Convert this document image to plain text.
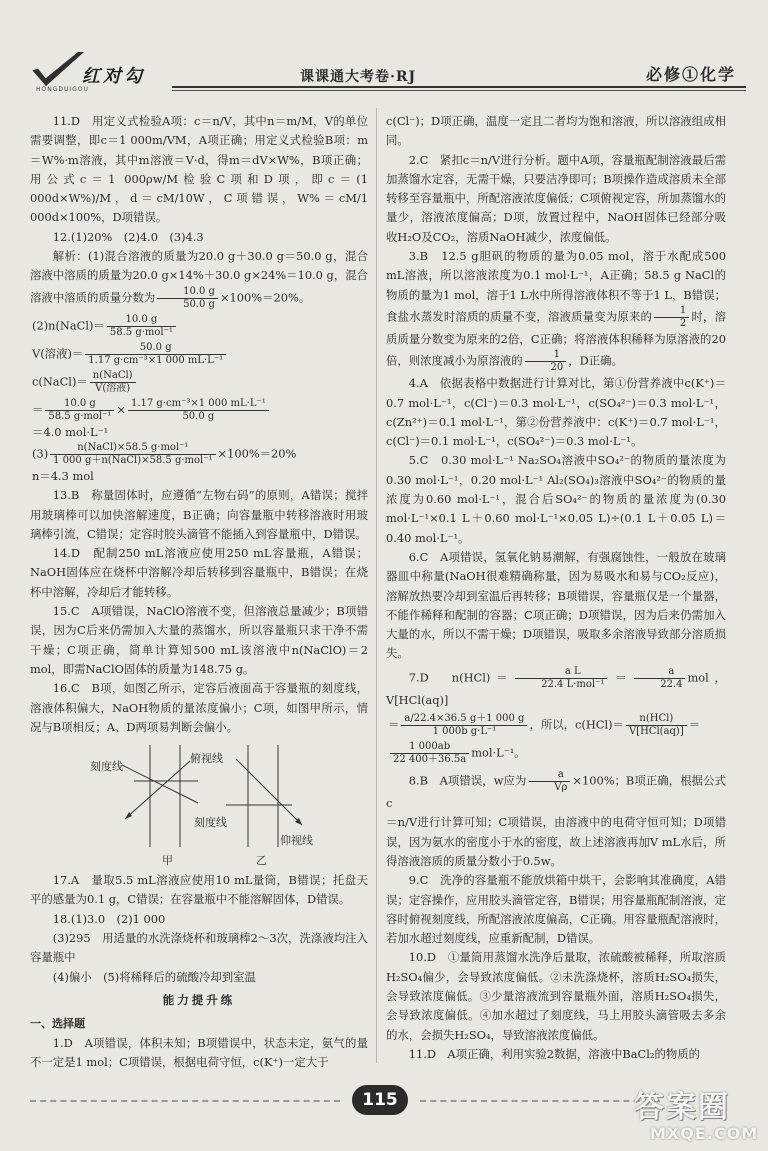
红对勾
HONGDUIGOU
课课通大考卷·RJ	必修①化学

11.D　用定义式检验A项：c＝n/V，其中n＝m/M，V的单位需要调整，即c＝1 000m/VM，A项正确；用定义式检验B项：m＝W%·m溶液，其中m溶液＝V·d，得m＝dV×W%，B项正确；用公式c＝1 000ρw/M检验C项和D项，即c＝(1 000d×W%)/M，d＝cM/10W，C项错误，W%＝cM/1 000d×100%，D项错误。

12.(1)20%　(2)4.0　(3)4.3

解析：(1)混合溶液的质量为20.0 g＋30.0 g＝50.0 g，混合溶液中溶质的质量为20.0 g×14%＋30.0 g×24%＝10.0 g，混合溶液中溶质的质量分数为 $\frac{10.0 g}{50.0 g} \times 100\%=20\%$。

(2)n(NaCl)＝ $\frac{10.0 g}{\text{58.5 g·mol⁻¹}}$

V(溶液)＝ $\frac{50.0 g}{\text{1.17 g·cm⁻³×1 000 mL·L⁻¹}}$

c(NaCl)＝ $\frac{\text{n(NaCl)}}{\text{V(溶液)}}$

＝ $\frac{10.0 g}{\text{58.5 g·mol⁻¹}} \times \frac{\text{1.17 g·cm⁻³×1 000 mL·L⁻¹}}{50.0 g}$

＝4.0 mol·L⁻¹

$(3) \frac{\text{n(NaCl)×58.5 g·mol⁻¹}}{\text{1 000 g＋n(NaCl)×58.5 g·mol⁻¹}} \times 100\%=20\%$

n＝4.3 mol

13.B　称量固体时，应遵循“左物右码”的原则，A错误；搅拌用玻璃棒可以加快溶解速度，B正确；向容量瓶中转移溶液时用玻璃棒引流，C错误；定容时胶头滴管不能插入到容量瓶中，D错误。

14.D　配制250 mL溶液应使用250 mL容量瓶，A错误；NaOH固体应在烧杯中溶解冷却后转移到容量瓶中，B错误；在烧杯中溶解，冷却后才能转移。

15.C　A项错误，NaClO溶液不变，但溶液总量减少；B项错误，因为C后来仍需加入大量的蒸馏水，所以容量瓶只求干净不需干燥；C项正确，简单计算知500 mL该溶液中n(NaClO)＝2 mol，即需NaClO固体的质量为148.75 g。

16.C　B项，如图乙所示，定容后液面高于容量瓶的刻度线，溶液体积偏大，NaOH物质的量浓度偏小；C项，如图甲所示，情况与B项相反；A、D两项易判断会偏小。

刻度线
俯视线
刻度线
仰视线
甲	乙

17.A　量取5.5 mL溶液应使用10 mL量筒，B错误；托盘天平的感量为0.1 g，C错误；在容量瓶中不能溶解固体，D错误。

18.(1)3.0　(2)1 000

(3)295　用适量的水洗涤烧杯和玻璃棒2～3次，洗涤液均注入容量瓶中

(4)偏小　(5)将稀释后的硫酸冷却到室温

能力提升练

一、选择题

1.D　A项错误，体积未知；B项错误中，状态未定，氨气的量不一定是1 mol；C项错误，根据电荷守恒，c(K⁺)一定大于

c(Cl⁻)；D项正确，温度一定且二者均为饱和溶液，所以溶液组成相同。

2.C　紧扣c＝n/V进行分析。题中A项，容量瓶配制溶液最后需加蒸馏水定容，无需干燥，只要洁净即可；B项操作造成溶质未全部转移至容量瓶中，所配溶液浓度偏低；C项俯视定容，所加蒸馏水的量少，溶液浓度偏高；D项，放置过程中，NaOH固体已经部分吸收H₂O及CO₂，溶质NaOH减少，浓度偏低。

3.B　12.5 g胆矾的物质的量为0.05 mol，溶于水配成500 mL溶液，所以溶液浓度为0.1 mol·L⁻¹，A正确；58.5 g NaCl的物质的量为1 mol，溶于1 L水中所得溶液体积不等于1 L，B错误；食盐水蒸发时溶质的质量不变，溶液质量变为原来的 $\frac{1}{2}$ 时，溶质质量分数变为原来的2倍，C正确；将溶液体积稀释为原溶液的20倍，则浓度减小为原溶液的 $\frac{1}{20}$ ，D正确。

4.A　依据表格中数据进行计算对比，第①份营养液中c(K⁺)＝0.7 mol·L⁻¹，c(Cl⁻)＝0.3 mol·L⁻¹，c(SO₄²⁻)＝0.3 mol·L⁻¹，c(Zn²⁺)＝0.1 mol·L⁻¹，第②份营养液中：c(K⁺)＝0.7 mol·L⁻¹，c(Cl⁻)＝0.1 mol·L⁻¹，c(SO₄²⁻)＝0.3 mol·L⁻¹。

5.C　0.30 mol·L⁻¹ Na₂SO₄溶液中SO₄²⁻的物质的量浓度为0.30 mol·L⁻¹，0.20 mol·L⁻¹ Al₂(SO₄)₃溶液中SO₄²⁻的物质的量浓度为0.60 mol·L⁻¹，混合后SO₄²⁻的物质的量浓度为(0.30 mol·L⁻¹×0.1 L＋0.60 mol·L⁻¹×0.05 L)÷(0.1 L＋0.05 L)＝0.40 mol·L⁻¹。

6.C　A项错误，氢氧化钠易潮解，有强腐蚀性，一般放在玻璃器皿中称量(NaOH很难精确称量，因为易吸水和易与CO₂反应)，溶解放热要冷却到室温后再转移；B项错误，容量瓶仅是一个量器，不能作稀释和配制的容器；C项正确；D项错误，因为后来仍需加入大量的水，所以不需干燥；D项错误，吸取多余溶液导致部分溶质损失。

7.D　$n(HCl)= \frac{\text{a L}}{\text{22.4 L·mol⁻¹}} = \frac{a}{22.4}$ mol，V[HCl(aq)]

＝ $\frac{a/22.4\times 36.5 g+1 000 g}{\text{1 000b g·L⁻¹}}$ ，所以，$c(HCl)= \frac{\text{n(HCl)}}{\text{V[HCl(aq)]}}$ ＝

$\frac{1 000ab}{22 400+36.5a} mol\cdot L^{-1}$。

8.B　A项错误，w应为 $\frac{a}{V\rho} \times 100\%$；B项正确，根据公式c

＝n/V进行计算可知；C项错误，由溶液中的电荷守恒可知；D项错误，因为氨水的密度小于水的密度，故上述溶液再加V mL水后，所得溶液溶质的质量分数小于0.5w。

9.C　洗净的容量瓶不能放烘箱中烘干，会影响其准确度，A错误；定容操作，应用胶头滴管定容，B错误；用容量瓶配制溶液，定容时俯视刻度线，所配溶液浓度偏高，C正确。用容量瓶配溶液时，若加水超过刻度线，应重新配制，D错误。

10.D　①量筒用蒸馏水洗净后量取，浓硫酸被稀释，所取溶质H₂SO₄偏少，会导致浓度偏低。②未洗涤烧杯，溶质H₂SO₄损失，会导致浓度偏低。③少量溶液流到容量瓶外面，溶质H₂SO₄损失，会导致浓度偏低。④加水超过了刻度线，马上用胶头滴管吸去多余的水，会损失H₂SO₄，导致溶液浓度偏低。

11.D　A项正确，利用实验2数据，溶液中BaCl₂的物质的

115	答案圈
MXQE.COM
